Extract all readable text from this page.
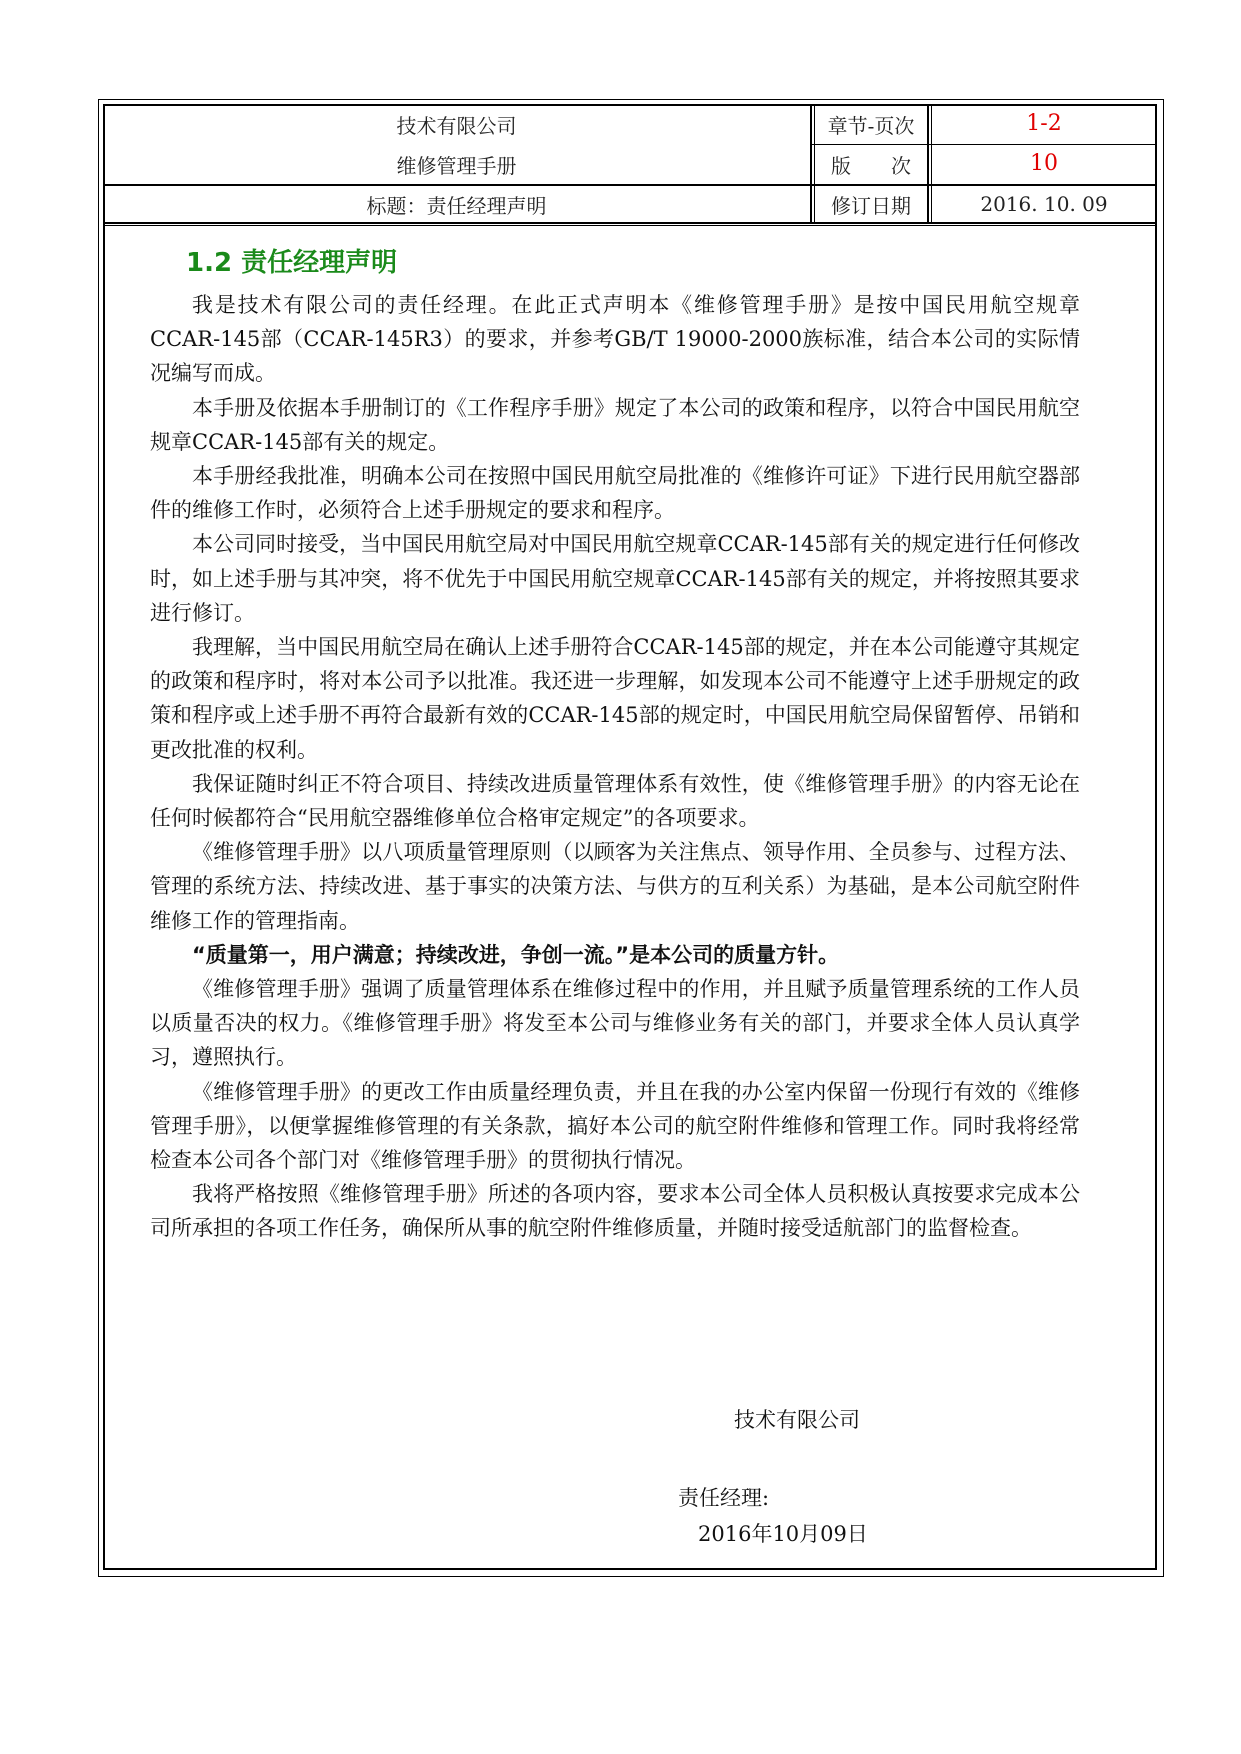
技术有限公司
维修管理手册
标题：责任经理声明
章节-页次
版　　次
修订日期
1-2
10
2016. 10. 09
1.2 责任经理声明

我是技术有限公司的责任经理。在此正式声明本《维修管理手册》是按中国民用航空规章CCAR-145部（CCAR-145R3）的要求，并参考GB/T 19000-2000族标准，结合本公司的实际情况编写而成。

本手册及依据本手册制订的《工作程序手册》规定了本公司的政策和程序，以符合中国民用航空规章CCAR-145部有关的规定。

本手册经我批准，明确本公司在按照中国民用航空局批准的《维修许可证》下进行民用航空器部件的维修工作时，必须符合上述手册规定的要求和程序。

本公司同时接受，当中国民用航空局对中国民用航空规章CCAR-145部有关的规定进行任何修改时，如上述手册与其冲突，将不优先于中国民用航空规章CCAR-145部有关的规定，并将按照其要求进行修订。

我理解，当中国民用航空局在确认上述手册符合CCAR-145部的规定，并在本公司能遵守其规定的政策和程序时，将对本公司予以批准。我还进一步理解，如发现本公司不能遵守上述手册规定的政策和程序或上述手册不再符合最新有效的CCAR-145部的规定时，中国民用航空局保留暂停、吊销和更改批准的权利。

我保证随时纠正不符合项目、持续改进质量管理体系有效性，使《维修管理手册》的内容无论在任何时候都符合“民用航空器维修单位合格审定规定”的各项要求。

《维修管理手册》以八项质量管理原则（以顾客为关注焦点、领导作用、全员参与、过程方法、管理的系统方法、持续改进、基于事实的决策方法、与供方的互利关系）为基础，是本公司航空附件维修工作的管理指南。

“质量第一，用户满意；持续改进，争创一流。”是本公司的质量方针。

《维修管理手册》强调了质量管理体系在维修过程中的作用，并且赋予质量管理系统的工作人员以质量否决的权力。《维修管理手册》将发至本公司与维修业务有关的部门，并要求全体人员认真学习，遵照执行。

《维修管理手册》的更改工作由质量经理负责，并且在我的办公室内保留一份现行有效的《维修管理手册》，以便掌握维修管理的有关条款，搞好本公司的航空附件维修和管理工作。同时我将经常检查本公司各个部门对《维修管理手册》的贯彻执行情况。

我将严格按照《维修管理手册》所述的各项内容，要求本公司全体人员积极认真按要求完成本公司所承担的各项工作任务，确保所从事的航空附件维修质量，并随时接受适航部门的监督检查。

技术有限公司
责任经理:
2016年10月09日
